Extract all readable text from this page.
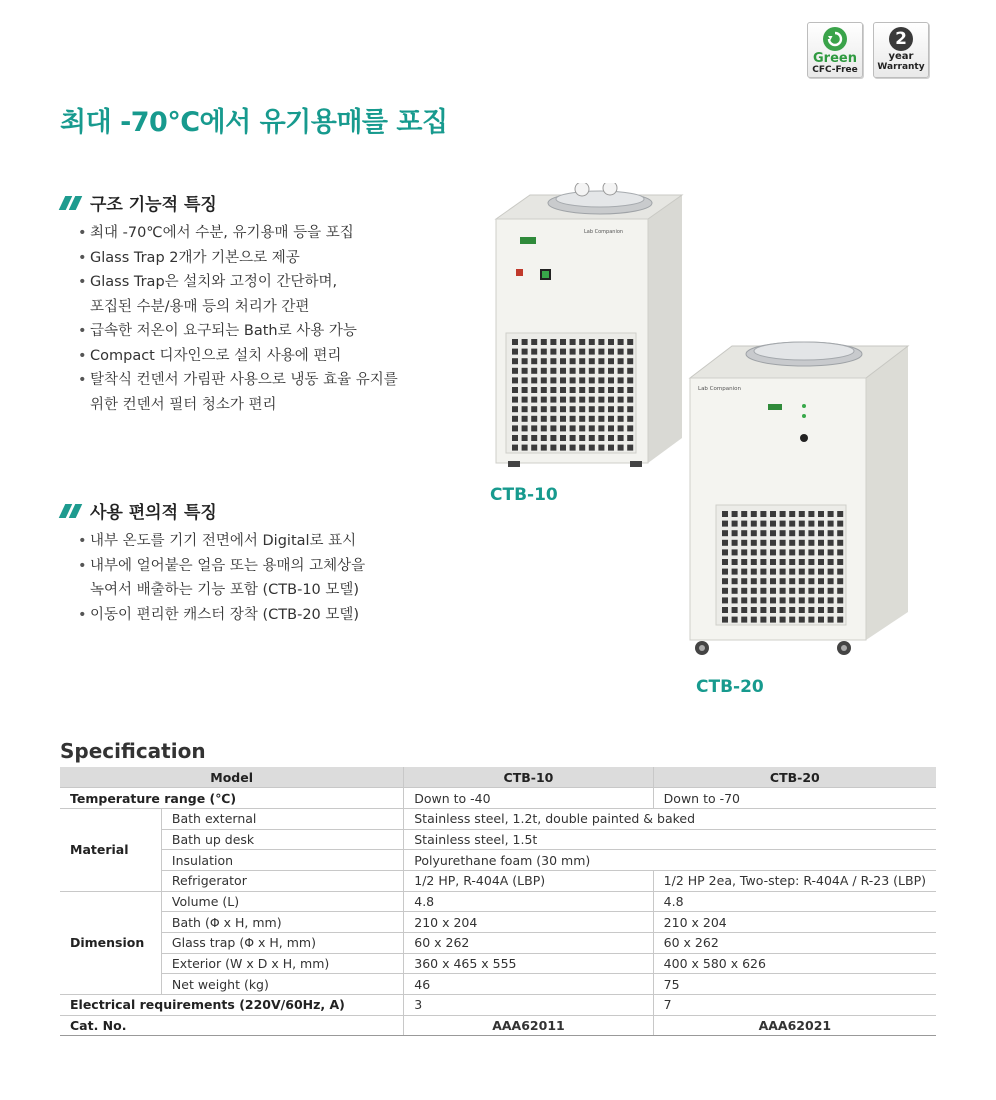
Green
CFC-Free
2
year
Warranty
최대 -70℃에서 유기용매를 포집
구조 기능적 특징
• 최대 -70℃에서 수분, 유기용매 등을 포집
• Glass Trap 2개가 기본으로 제공
• Glass Trap은 설치와 고정이 간단하며,
포집된 수분/용매 등의 처리가 간편
• 급속한 저온이 요구되는 Bath로 사용 가능
• Compact 디자인으로 설치 사용에 편리
• 탈착식 컨덴서 가림판 사용으로 냉동 효율 유지를
위한 컨덴서 필터 청소가 편리
사용 편의적 특징
• 내부 온도를 기기 전면에서 Digital로 표시
• 내부에 얼어붙은 얼음 또는 용매의 고체상을
녹여서 배출하는 기능 포함 (CTB-10 모델)
• 이동이 편리한 캐스터 장착 (CTB-20 모델)
Lab Companion
CTB-10
Lab Companion
CTB-20
Specification
Model		CTB-10	CTB-20
Temperature range (℃)		Down to -40	Down to -70
Material	Bath external	Stainless steel, 1.2t, double painted & baked	
	Bath up desk	Stainless steel, 1.5t	
	Insulation	Polyurethane foam (30 mm)	
	Refrigerator	1/2 HP, R-404A (LBP)	1/2 HP 2ea, Two-step: R-404A / R-23 (LBP)
Dimension	Volume (L)	4.8	4.8
	Bath (Φ x H, mm)	210 x 204	210 x 204
	Glass trap (Φ x H, mm)	60 x 262	60 x 262
	Exterior (W x D x H, mm)	360 x 465 x 555	400 x 580 x 626
	Net weight (kg)	46	75
Electrical requirements (220V/60Hz, A)		3	7
Cat. No.		AAA62011	AAA62021
